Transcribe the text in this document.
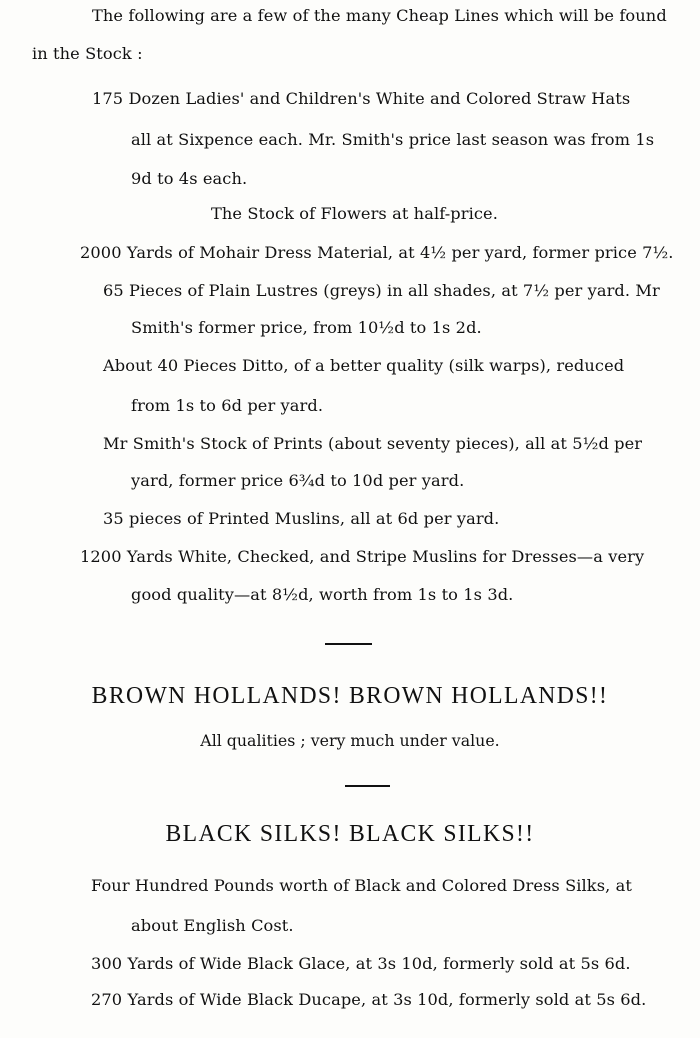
The following are a few of the many Cheap Lines which will be found
in the Stock :
175 Dozen Ladies' and Children's White and Colored Straw Hats
all at Sixpence each. Mr. Smith's price last season was from 1s
9d to 4s each.
The Stock of Flowers at half-price.
2000 Yards of Mohair Dress Material, at 4½ per yard, former price 7½.
65 Pieces of Plain Lustres (greys) in all shades, at 7½ per yard. Mr
Smith's former price, from 10½d to 1s 2d.
About 40 Pieces Ditto, of a better quality (silk warps), reduced
from 1s to 6d per yard.
Mr Smith's Stock of Prints (about seventy pieces), all at 5½d per
yard, former price 6¾d to 10d per yard.
35 pieces of Printed Muslins, all at 6d per yard.
1200 Yards White, Checked, and Stripe Muslins for Dresses—a very
good quality—at 8½d, worth from 1s to 1s 3d.
BROWN HOLLANDS! BROWN HOLLANDS!!
All qualities ; very much under value.
BLACK SILKS! BLACK SILKS!!
Four Hundred Pounds worth of Black and Colored Dress Silks, at
about English Cost.
300 Yards of Wide Black Glace, at 3s 10d, formerly sold at 5s 6d.
270 Yards of Wide Black Ducape, at 3s 10d, formerly sold at 5s 6d.
